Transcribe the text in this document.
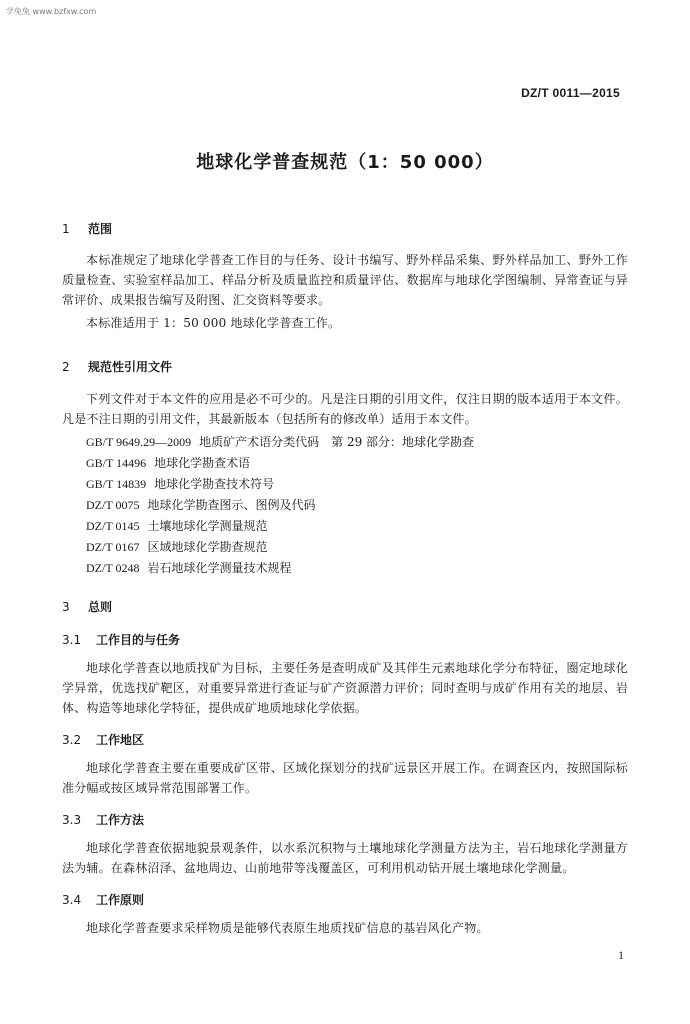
学兔兔 www.bzfxw.com
DZ/T 0011—2015
地球化学普查规范（1：50 000）
1 范围
本标准规定了地球化学普查工作目的与任务、设计书编写、野外样品采集、野外样品加工、野外工作质量检查、实验室样品加工、样品分析及质量监控和质量评估、数据库与地球化学图编制、异常查证与异常评价、成果报告编写及附图、汇交资料等要求。
本标准适用于 1：50 000 地球化学普查工作。
2 规范性引用文件
下列文件对于本文件的应用是必不可少的。凡是注日期的引用文件，仅注日期的版本适用于本文件。凡是不注日期的引用文件，其最新版本（包括所有的修改单）适用于本文件。
GB/T 9649.29—2009 地质矿产术语分类代码　第 29 部分：地球化学勘查
GB/T 14496 地球化学勘查术语
GB/T 14839 地球化学勘查技术符号
DZ/T 0075 地球化学勘查图示、图例及代码
DZ/T 0145 土壤地球化学测量规范
DZ/T 0167 区域地球化学勘查规范
DZ/T 0248 岩石地球化学测量技术规程
3 总则
3.1 工作目的与任务
地球化学普查以地质找矿为目标，主要任务是查明成矿及其伴生元素地球化学分布特征，圈定地球化学异常，优选找矿靶区，对重要异常进行查证与矿产资源潜力评价；同时查明与成矿作用有关的地层、岩体、构造等地球化学特征，提供成矿地质地球化学依据。
3.2 工作地区
地球化学普查主要在重要成矿区带、区域化探划分的找矿远景区开展工作。在调查区内，按照国际标准分幅或按区域异常范围部署工作。
3.3 工作方法
地球化学普查依据地貌景观条件，以水系沉积物与土壤地球化学测量方法为主，岩石地球化学测量方法为辅。在森林沼泽、盆地周边、山前地带等浅覆盖区，可利用机动钻开展土壤地球化学测量。
3.4 工作原则
地球化学普查要求采样物质是能够代表原生地质找矿信息的基岩风化产物。
1
